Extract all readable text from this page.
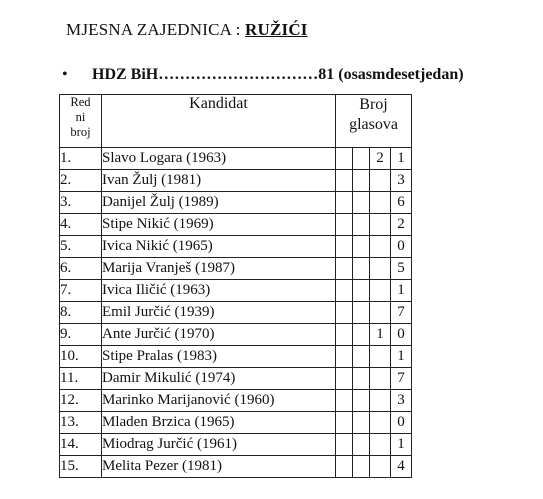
MJESNA ZAJEDNICA : RUŽIĆI
• HDZ BiH…………………………81 (osasmdesetjedan)
Red
ni
broj	Kandidat	Broj
glasova			
1.	Slavo Logara (1963)			2	1
2.	Ivan Žulj (1981)				3
3.	Danijel Žulj (1989)				6
4.	Stipe Nikić (1969)				2
5.	Ivica Nikić (1965)				0
6.	Marija Vranješ (1987)				5
7.	Ivica Iličić (1963)				1
8.	Emil Jurčić (1939)				7
9.	Ante Jurčić (1970)			1	0
10.	Stipe Pralas (1983)				1
11.	Damir Mikulić (1974)				7
12.	Marinko Marijanović (1960)				3
13.	Mladen Brzica (1965)				0
14.	Miodrag Jurčić (1961)				1
15.	Melita Pezer (1981)				4
